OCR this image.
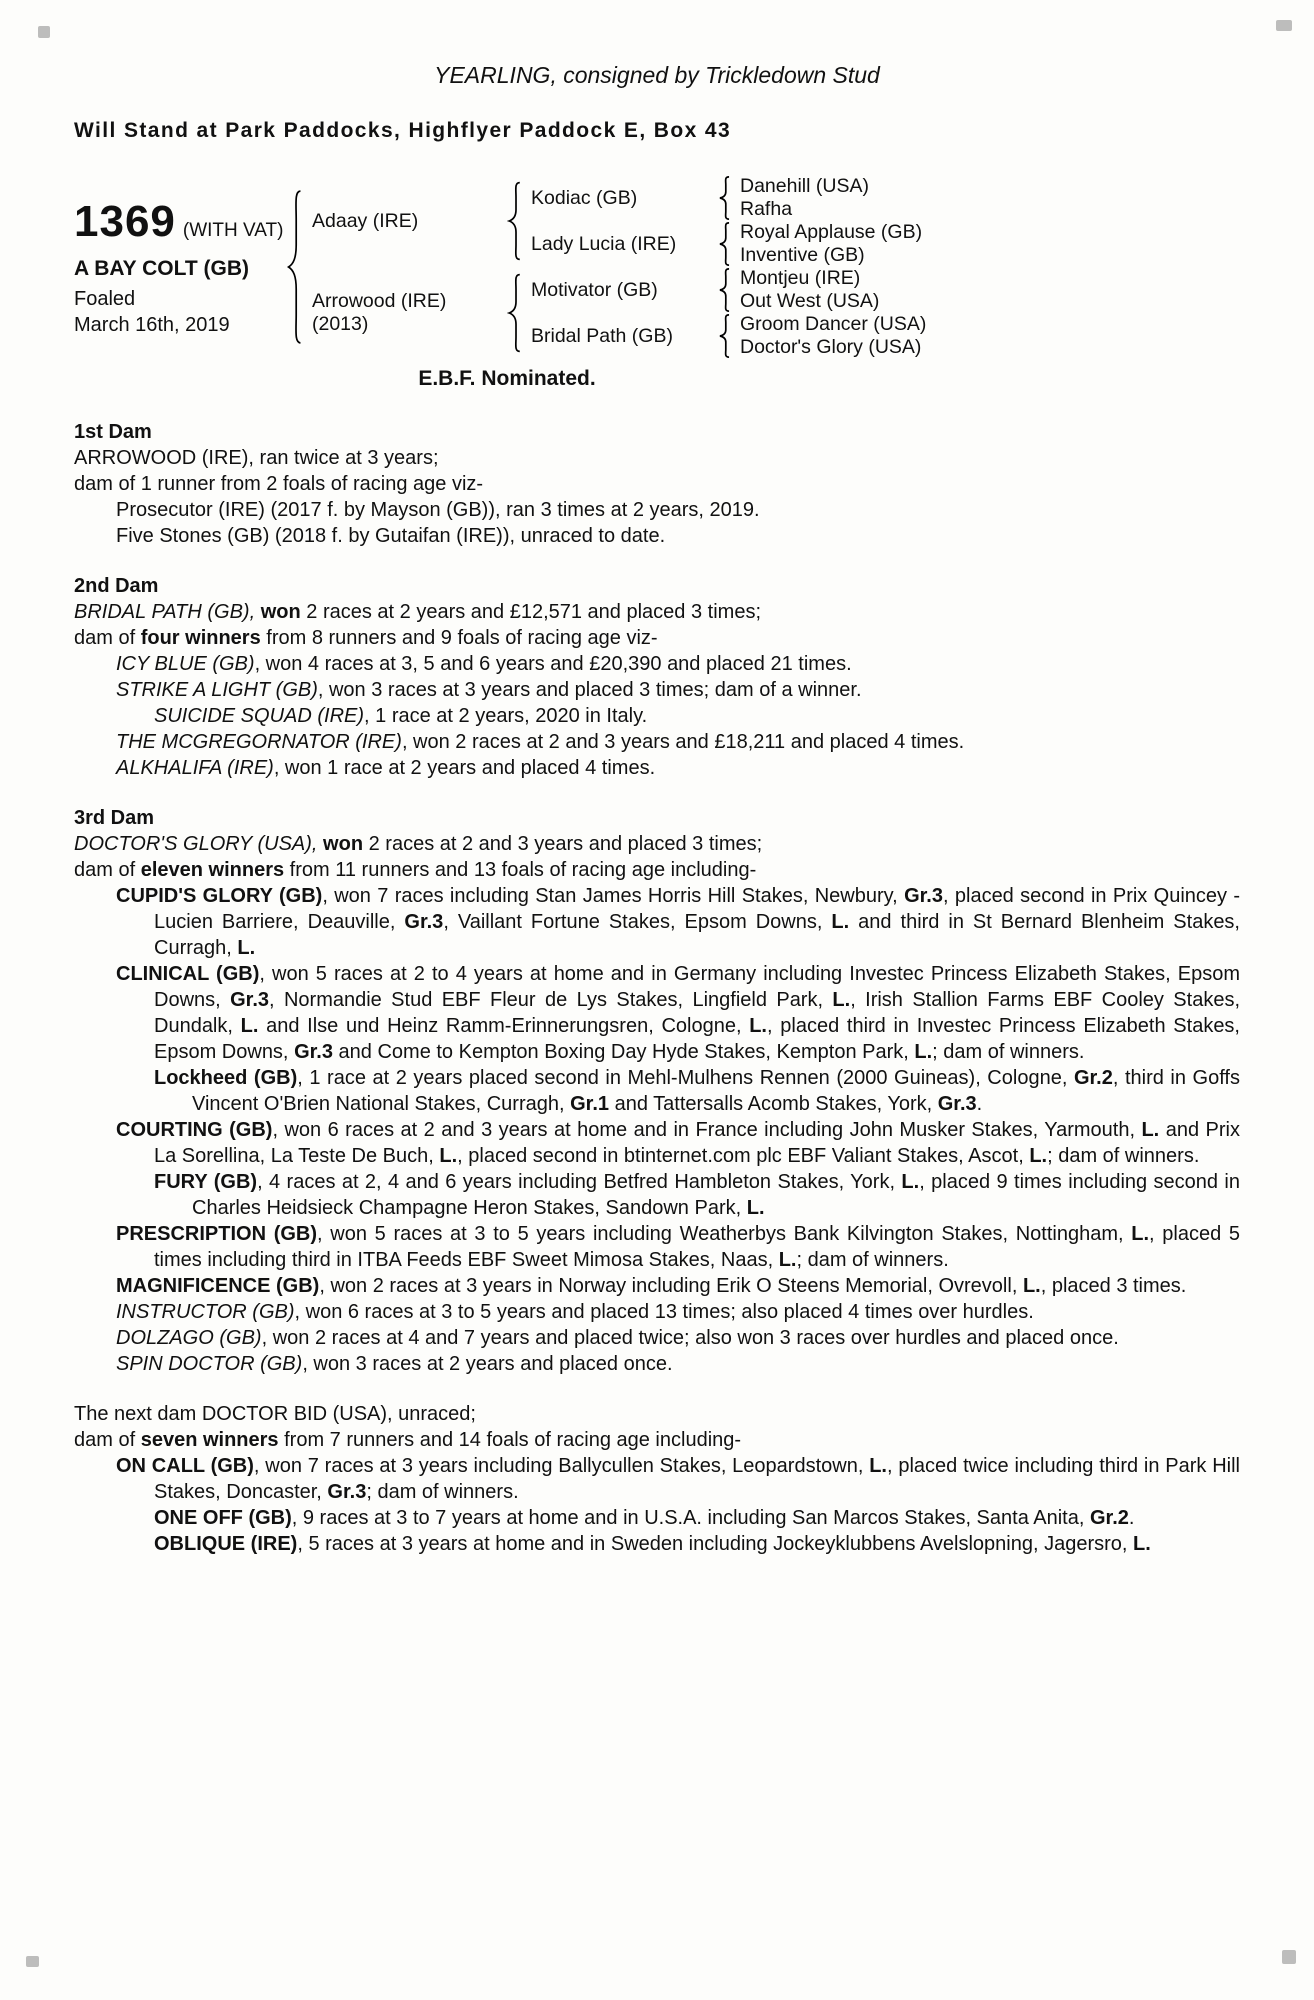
YEARLING, consigned by Trickledown Stud
Will Stand at Park Paddocks, Highflyer Paddock E, Box 43
1369 (WITH VAT)
A BAY COLT (GB)
Foaled
March 16th, 2019
Adaay (IRE)
Kodiac (GB)
Danehill (USA)
Rafha
Lady Lucia (IRE)
Royal Applause (GB)
Inventive (GB)
Arrowood (IRE)
(2013)
Motivator (GB)
Montjeu (IRE)
Out West (USA)
Bridal Path (GB)
Groom Dancer (USA)
Doctor's Glory (USA)
E.B.F. Nominated.
1st Dam
ARROWOOD (IRE), ran twice at 3 years;
dam of 1 runner from 2 foals of racing age viz-
Prosecutor (IRE) (2017 f. by Mayson (GB)), ran 3 times at 2 years, 2019.
Five Stones (GB) (2018 f. by Gutaifan (IRE)), unraced to date.
2nd Dam
BRIDAL PATH (GB), won 2 races at 2 years and £12,571 and placed 3 times;
dam of four winners from 8 runners and 9 foals of racing age viz-
ICY BLUE (GB), won 4 races at 3, 5 and 6 years and £20,390 and placed 21 times.
STRIKE A LIGHT (GB), won 3 races at 3 years and placed 3 times; dam of a winner.
SUICIDE SQUAD (IRE), 1 race at 2 years, 2020 in Italy.
THE MCGREGORNATOR (IRE), won 2 races at 2 and 3 years and £18,211 and placed 4 times.
ALKHALIFA (IRE), won 1 race at 2 years and placed 4 times.
3rd Dam
DOCTOR'S GLORY (USA), won 2 races at 2 and 3 years and placed 3 times;
dam of eleven winners from 11 runners and 13 foals of racing age including-
CUPID'S GLORY (GB), won 7 races including Stan James Horris Hill Stakes, Newbury, Gr.3, placed second in Prix Quincey - Lucien Barriere, Deauville, Gr.3, Vaillant Fortune Stakes, Epsom Downs, L. and third in St Bernard Blenheim Stakes, Curragh, L.
CLINICAL (GB), won 5 races at 2 to 4 years at home and in Germany including Investec Princess Elizabeth Stakes, Epsom Downs, Gr.3, Normandie Stud EBF Fleur de Lys Stakes, Lingfield Park, L., Irish Stallion Farms EBF Cooley Stakes, Dundalk, L. and Ilse und Heinz Ramm-Erinnerungsren, Cologne, L., placed third in Investec Princess Elizabeth Stakes, Epsom Downs, Gr.3 and Come to Kempton Boxing Day Hyde Stakes, Kempton Park, L.; dam of winners.
Lockheed (GB), 1 race at 2 years placed second in Mehl-Mulhens Rennen (2000 Guineas), Cologne, Gr.2, third in Goffs Vincent O'Brien National Stakes, Curragh, Gr.1 and Tattersalls Acomb Stakes, York, Gr.3.
COURTING (GB), won 6 races at 2 and 3 years at home and in France including John Musker Stakes, Yarmouth, L. and Prix La Sorellina, La Teste De Buch, L., placed second in btinternet.com plc EBF Valiant Stakes, Ascot, L.; dam of winners.
FURY (GB), 4 races at 2, 4 and 6 years including Betfred Hambleton Stakes, York, L., placed 9 times including second in Charles Heidsieck Champagne Heron Stakes, Sandown Park, L.
PRESCRIPTION (GB), won 5 races at 3 to 5 years including Weatherbys Bank Kilvington Stakes, Nottingham, L., placed 5 times including third in ITBA Feeds EBF Sweet Mimosa Stakes, Naas, L.; dam of winners.
MAGNIFICENCE (GB), won 2 races at 3 years in Norway including Erik O Steens Memorial, Ovrevoll, L., placed 3 times.
INSTRUCTOR (GB), won 6 races at 3 to 5 years and placed 13 times; also placed 4 times over hurdles.
DOLZAGO (GB), won 2 races at 4 and 7 years and placed twice; also won 3 races over hurdles and placed once.
SPIN DOCTOR (GB), won 3 races at 2 years and placed once.
The next dam DOCTOR BID (USA), unraced;
dam of seven winners from 7 runners and 14 foals of racing age including-
ON CALL (GB), won 7 races at 3 years including Ballycullen Stakes, Leopardstown, L., placed twice including third in Park Hill Stakes, Doncaster, Gr.3; dam of winners.
ONE OFF (GB), 9 races at 3 to 7 years at home and in U.S.A. including San Marcos Stakes, Santa Anita, Gr.2.
OBLIQUE (IRE), 5 races at 3 years at home and in Sweden including Jockeyklubbens Avelslopning, Jagersro, L.
